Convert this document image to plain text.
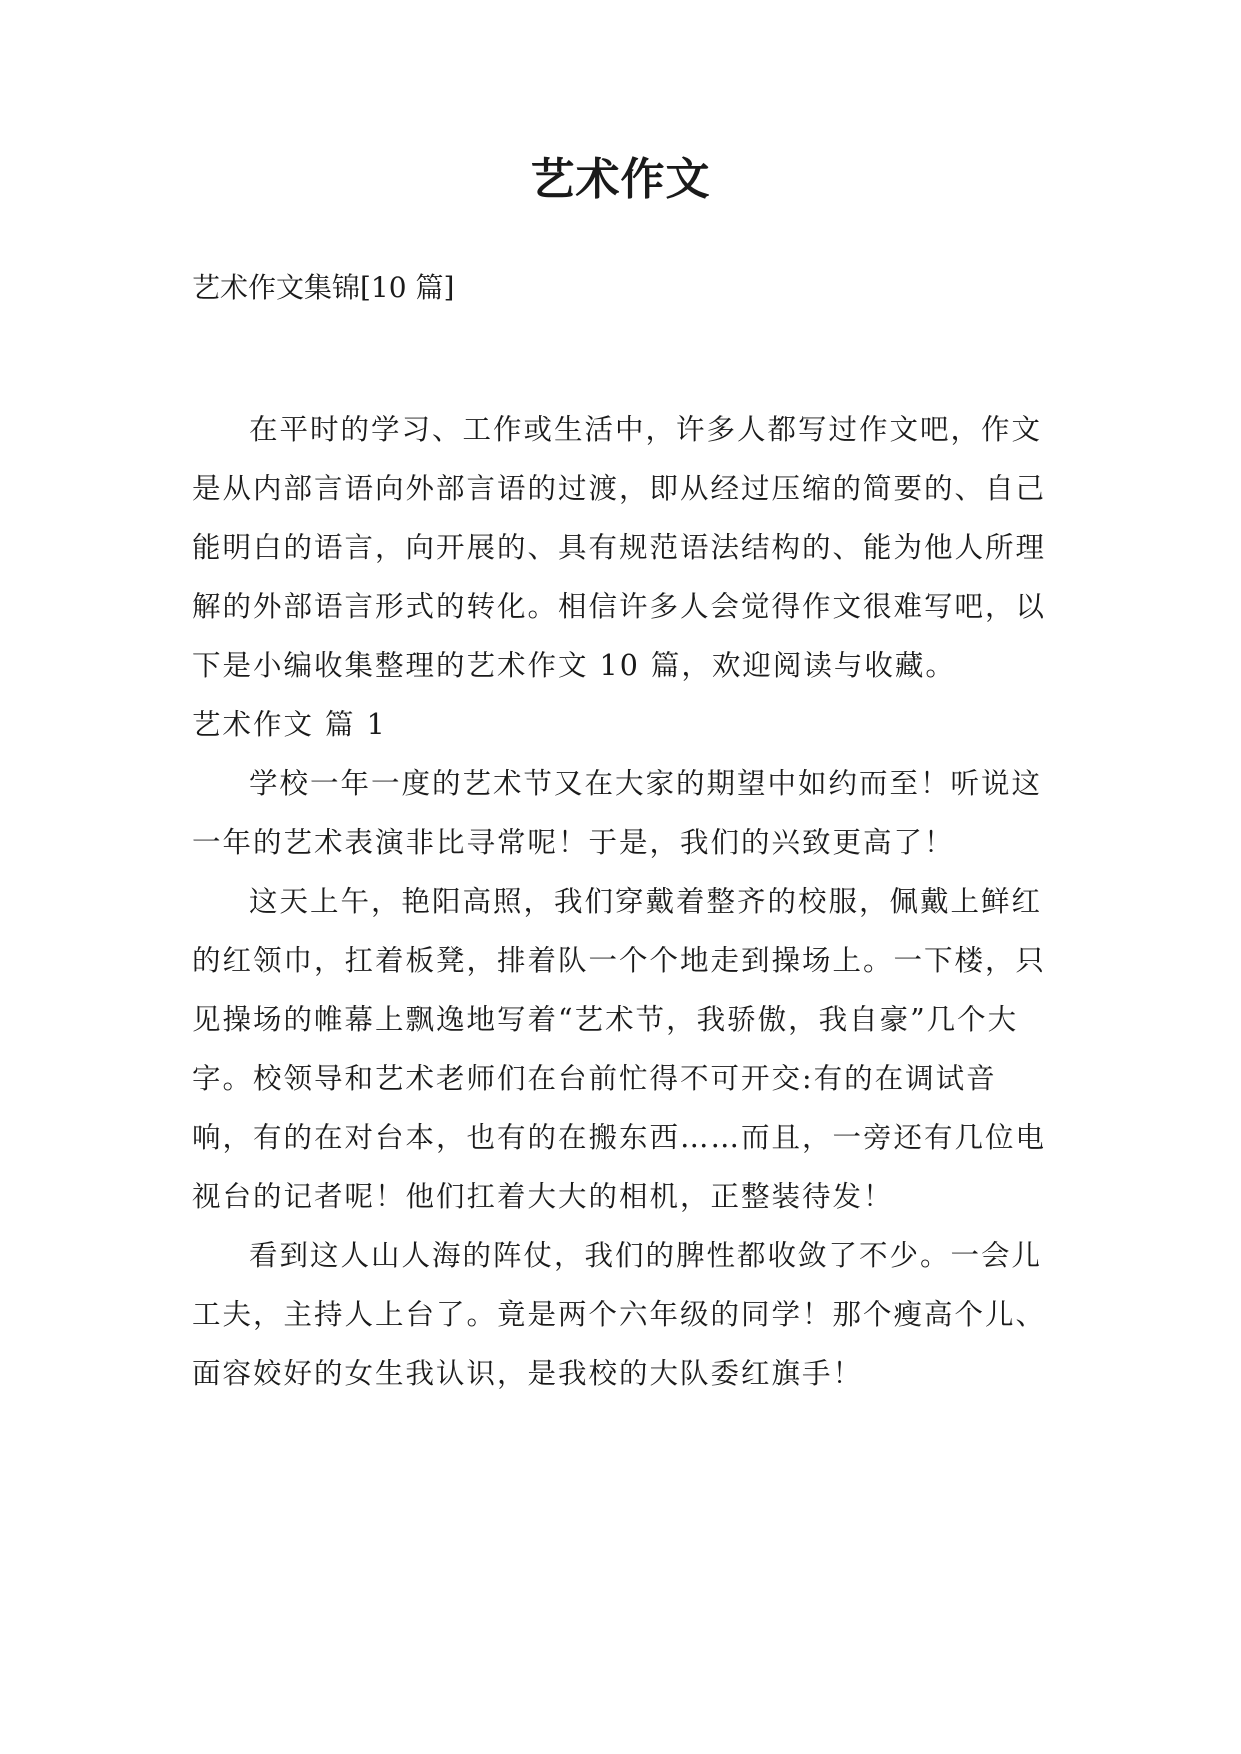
艺术作文

艺术作文集锦[10 篇]

在平时的学习、工作或生活中，许多人都写过作文吧，作文是从内部言语向外部言语的过渡，即从经过压缩的简要的、自己能明白的语言，向开展的、具有规范语法结构的、能为他人所理解的外部语言形式的转化。相信许多人会觉得作文很难写吧，以下是小编收集整理的艺术作文 10 篇，欢迎阅读与收藏。

艺术作文 篇 1

学校一年一度的艺术节又在大家的期望中如约而至！听说这一年的艺术表演非比寻常呢！于是，我们的兴致更高了！

这天上午，艳阳高照，我们穿戴着整齐的校服，佩戴上鲜红的红领巾，扛着板凳，排着队一个个地走到操场上。一下楼，只见操场的帷幕上飘逸地写着“艺术节，我骄傲，我自豪”几个大字。校领导和艺术老师们在台前忙得不可开交:有的在调试音响，有的在对台本，也有的在搬东西……而且，一旁还有几位电视台的记者呢！他们扛着大大的相机，正整装待发！

看到这人山人海的阵仗，我们的脾性都收敛了不少。一会儿工夫，主持人上台了。竟是两个六年级的同学！那个瘦高个儿、面容姣好的女生我认识，是我校的大队委红旗手！
